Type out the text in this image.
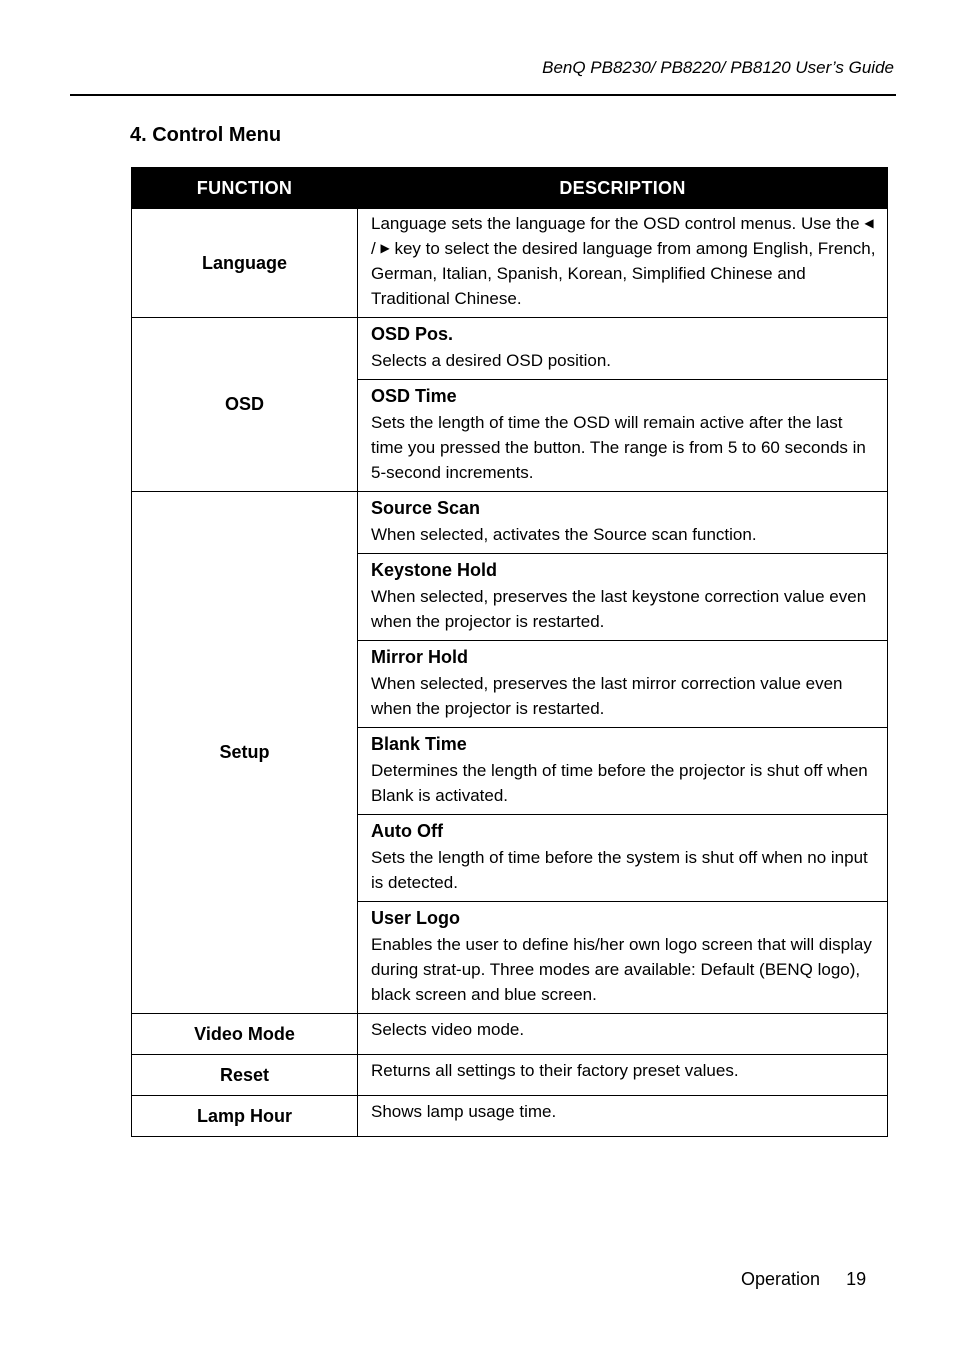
BenQ PB8230/ PB8220/ PB8120 User’s Guide
4. Control Menu
FUNCTION	DESCRIPTION
Language	Language sets the language for the OSD control menus. Use the ◀ / ▶ key to select the desired language from among English, French, German, Italian, Spanish, Korean, Simplified Chinese and Traditional Chinese.
OSD	OSD Pos.
Selects a desired OSD position.

	OSD Time
Sets the length of time the OSD will remain active after the last time you pressed the button. The range is from 5 to 60 seconds in 5-second increments.

Setup	Source Scan
When selected, activates the Source scan function.

	Keystone Hold
When selected, preserves the last keystone correction value even when the projector is restarted.

	Mirror Hold
When selected, preserves the last mirror correction value even when the projector is restarted.

	Blank Time
Determines the length of time before the projector is shut off when Blank is activated.

	Auto Off
Sets the length of time before the system is shut off when no input is detected.

	User Logo
Enables the user to define his/her own logo screen that will display during strat-up. Three modes are available: Default (BENQ logo), black screen and blue screen.

Video Mode	Selects video mode.
Reset	Returns all settings to their factory preset values.
Lamp Hour	Shows lamp usage time.
Operation 19
